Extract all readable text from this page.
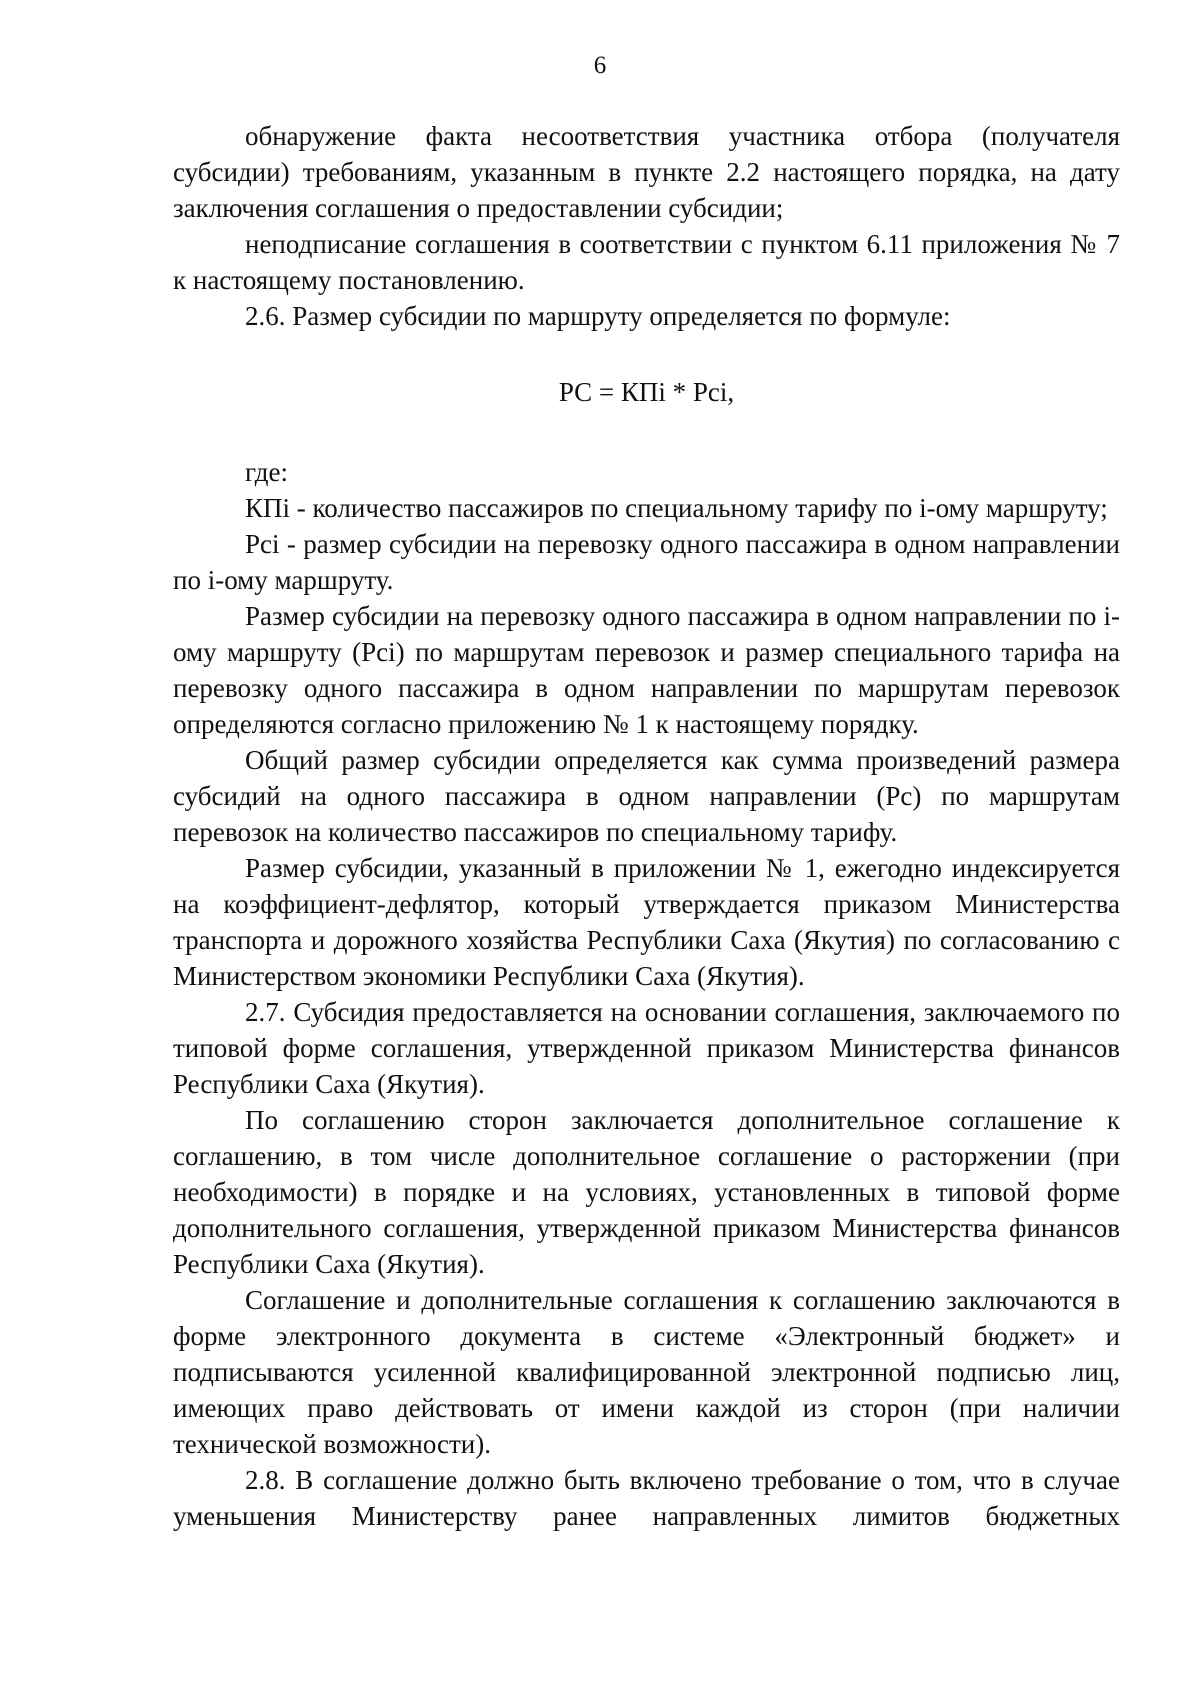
6

обнаружение факта несоответствия участника отбора (получателя субсидии) требованиям, указанным в пункте 2.2 настоящего порядка, на дату заключения соглашения о предоставлении субсидии;

неподписание соглашения в соответствии с пунктом 6.11 приложения № 7 к настоящему постановлению.

2.6. Размер субсидии по маршруту определяется по формуле:

РС = КПi * Рсi,

где:

КПi - количество пассажиров по специальному тарифу по i-ому маршруту;

Рсi - размер субсидии на перевозку одного пассажира в одном направлении по i-ому маршруту.

Размер субсидии на перевозку одного пассажира в одном направлении по i-ому маршруту (Рсi) по маршрутам перевозок и размер специального тарифа на перевозку одного пассажира в одном направлении по маршрутам перевозок определяются согласно приложению № 1 к настоящему порядку.

Общий размер субсидии определяется как сумма произведений размера субсидий на одного пассажира в одном направлении (Рс) по маршрутам перевозок на количество пассажиров по специальному тарифу.

Размер субсидии, указанный в приложении № 1, ежегодно индексируется на коэффициент-дефлятор, который утверждается приказом Министерства транспорта и дорожного хозяйства Республики Саха (Якутия) по согласованию с Министерством экономики Республики Саха (Якутия).

2.7. Субсидия предоставляется на основании соглашения, заключаемого по типовой форме соглашения, утвержденной приказом Министерства финансов Республики Саха (Якутия).

По соглашению сторон заключается дополнительное соглашение к соглашению, в том числе дополнительное соглашение о расторжении (при необходимости) в порядке и на условиях, установленных в типовой форме дополнительного соглашения, утвержденной приказом Министерства финансов Республики Саха (Якутия).

Соглашение и дополнительные соглашения к соглашению заключаются в форме электронного документа в системе «Электронный бюджет» и подписываются усиленной квалифицированной электронной подписью лиц, имеющих право действовать от имени каждой из сторон (при наличии технической возможности).

2.8. В соглашение должно быть включено требование о том, что в случае уменьшения Министерству ранее направленных лимитов бюджетных
